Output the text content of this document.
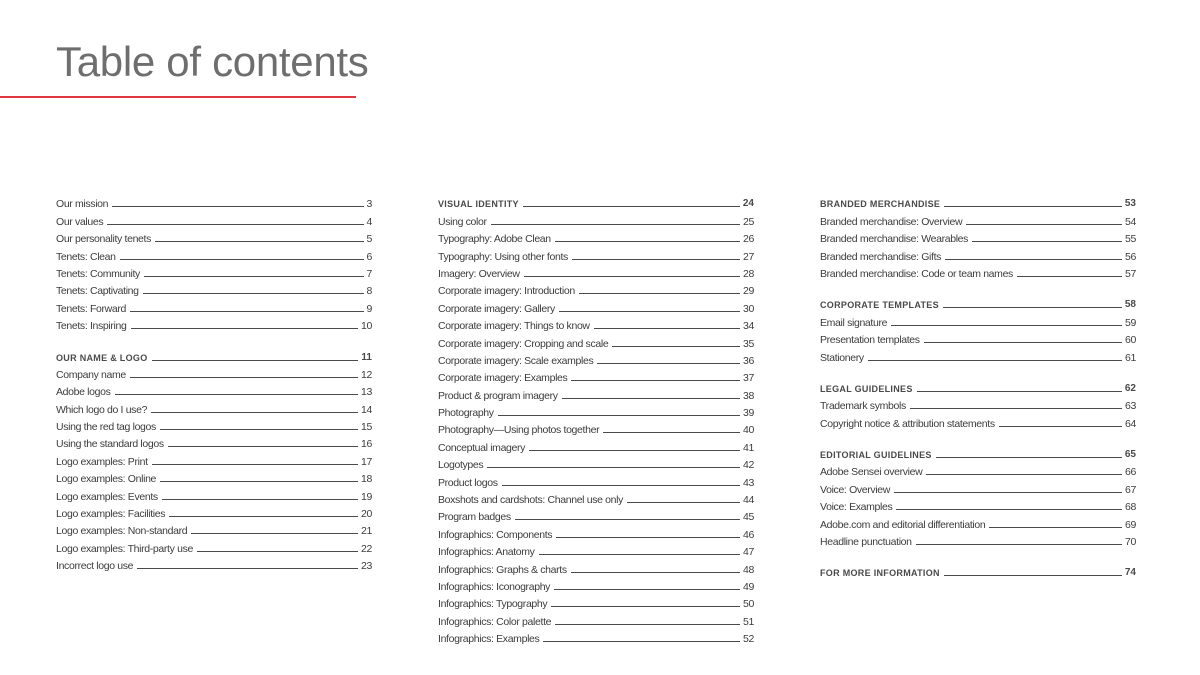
Table of contents
Our mission	3
Our values	4
Our personality tenets	5
Tenets: Clean	6
Tenets: Community	7
Tenets: Captivating	8
Tenets: Forward	9
Tenets: Inspiring	10
OUR NAME & LOGO	11
Company name	12
Adobe logos	13
Which logo do I use?	14
Using the red tag logos	15
Using the standard logos	16
Logo examples: Print	17
Logo examples: Online	18
Logo examples: Events	19
Logo examples: Facilities	20
Logo examples: Non-standard	21
Logo examples: Third-party use	22
Incorrect logo use	23
VISUAL IDENTITY	24
Using color	25
Typography: Adobe Clean	26
Typography: Using other fonts	27
Imagery: Overview	28
Corporate imagery: Introduction	29
Corporate imagery: Gallery	30
Corporate imagery: Things to know	34
Corporate imagery: Cropping and scale	35
Corporate imagery: Scale examples	36
Corporate imagery: Examples	37
Product & program imagery	38
Photography	39
Photography—Using photos together	40
Conceptual imagery	41
Logotypes	42
Product logos	43
Boxshots and cardshots: Channel use only	44
Program badges	45
Infographics: Components	46
Infographics: Anatomy	47
Infographics: Graphs & charts	48
Infographics: Iconography	49
Infographics: Typography	50
Infographics: Color palette	51
Infographics: Examples	52
BRANDED MERCHANDISE	53
Branded merchandise: Overview	54
Branded merchandise: Wearables	55
Branded merchandise: Gifts	56
Branded merchandise: Code or team names	57
CORPORATE TEMPLATES	58
Email signature	59
Presentation templates	60
Stationery	61
LEGAL GUIDELINES	62
Trademark symbols	63
Copyright notice & attribution statements	64
EDITORIAL GUIDELINES	65
Adobe Sensei overview	66
Voice: Overview	67
Voice: Examples	68
Adobe.com and editorial differentiation	69
Headline punctuation	70
FOR MORE INFORMATION	74
